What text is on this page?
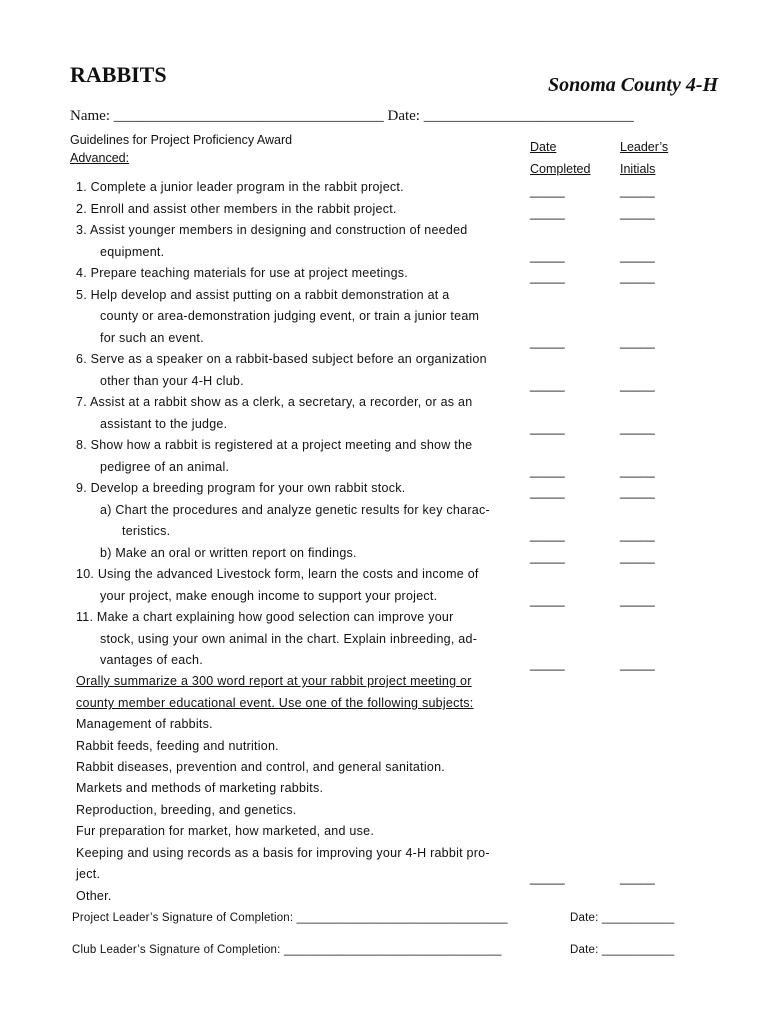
RABBITS	Sonoma County 4-H
Name: ____________________________________ Date: ____________________________
Guidelines for Project Proficiency Award
Advanced:
Date
Completed
Leader’s
Initials
1. Complete a junior leader program in the rabbit project.	_____	_____
2. Enroll and assist other members in the rabbit project.	_____	_____
3. Assist younger members in designing and construction of needed
equipment.	_____	_____
4. Prepare teaching materials for use at project meetings.	_____	_____
5. Help develop and assist putting on a rabbit demonstration at a
county or area-demonstration judging event, or train a junior team
for such an event.	_____	_____
6. Serve as a speaker on a rabbit-based subject before an organization
other than your 4-H club.	_____	_____
7. Assist at a rabbit show as a clerk, a secretary, a recorder, or as an
assistant to the judge.	_____	_____
8. Show how a rabbit is registered at a project meeting and show the
pedigree of an animal.	_____	_____
9. Develop a breeding program for your own rabbit stock.	_____	_____
a) Chart the procedures and analyze genetic results for key charac-
teristics.	_____	_____
b) Make an oral or written report on findings.	_____	_____
10. Using the advanced Livestock form, learn the costs and income of
your project, make enough income to support your project.	_____	_____
11. Make a chart explaining how good selection can improve your
stock, using your own animal in the chart. Explain inbreeding, ad-
vantages of each.	_____	_____
Orally summarize a 300 word report at your rabbit project meeting or
county member educational event. Use one of the following subjects:
Management of rabbits.
Rabbit feeds, feeding and nutrition.
Rabbit diseases, prevention and control, and general sanitation.
Markets and methods of marketing rabbits.
Reproduction, breeding, and genetics.
Fur preparation for market, how marketed, and use.
Keeping and using records as a basis for improving your 4-H rabbit pro-
ject.	_____	_____
Other.
Project Leader’s Signature of Completion: ________________________________	Date: ___________
Club Leader’s Signature of Completion: _________________________________	Date: ___________
